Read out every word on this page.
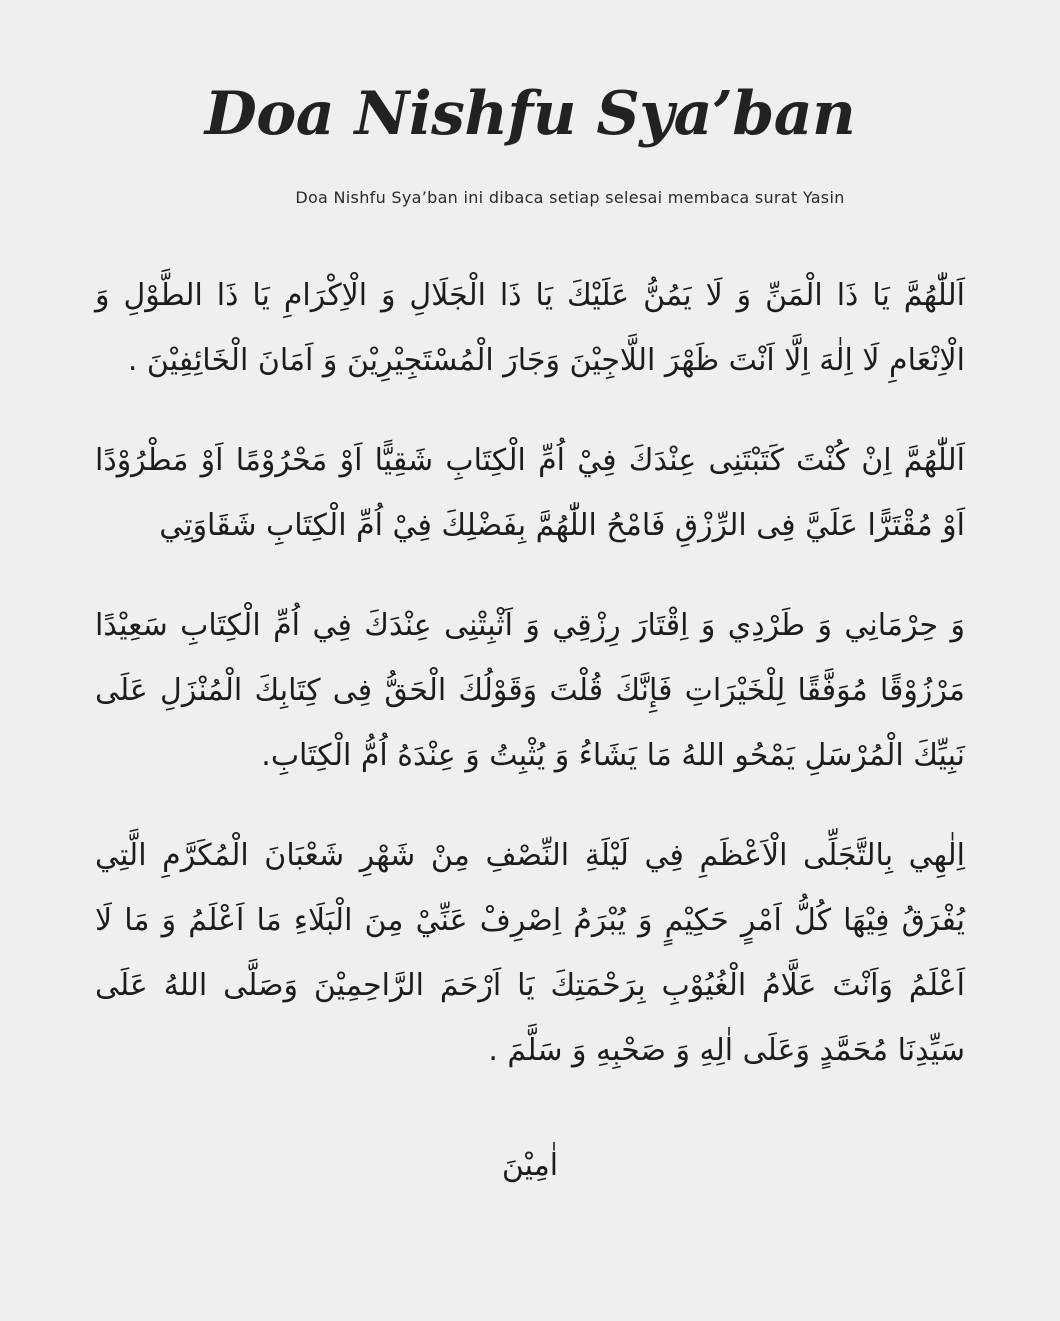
Doa Nishfu Sya’ban
Doa Nishfu Sya’ban ini dibaca setiap selesai membaca surat Yasin

اَللّٰهُمَّ يَا ذَا الْمَنِّ وَ لَا يَمُنُّ عَلَيْكَ يَا ذَا الْجَلَالِ وَ الْاِكْرَامِ يَا ذَا الطَّوْلِ وَ الْاِنْعَامِ لَا اِلٰهَ اِلَّا اَنْتَ ظَهْرَ اللَّاجِيْنَ وَجَارَ الْمُسْتَجِيْرِيْنَ وَ اَمَانَ الْخَائِفِيْنَ .

اَللّٰهُمَّ اِنْ كُنْتَ كَتَبْتَنِى عِنْدَكَ فِيْ اُمِّ الْكِتَابِ شَقِيًّا اَوْ مَحْرُوْمًا اَوْ مَطْرُوْدًا اَوْ مُقْتَرًّا عَلَيَّ فِى الرِّزْقِ فَامْحُ اللّٰهُمَّ بِفَضْلِكَ فِيْ اُمِّ الْكِتَابِ شَقَاوَتِي

وَ حِرْمَانِي وَ طَرْدِي وَ اِقْتَارَ رِزْقِي وَ اَثْبِتْنِى عِنْدَكَ فِي اُمِّ الْكِتَابِ سَعِيْدًا مَرْزُوْقًا مُوَفَّقًا لِلْخَيْرَاتِ فَإِنَّكَ قُلْتَ وَقَوْلُكَ الْحَقُّ فِى كِتَابِكَ الْمُنْزَلِ عَلَى نَبِيِّكَ الْمُرْسَلِ يَمْحُو اللهُ مَا يَشَاءُ وَ يُثْبِتُ وَ عِنْدَهُ اُمُّ الْكِتَابِ.

اِلٰهِي بِالتَّجَلِّى الْاَعْظَمِ فِي لَيْلَةِ النِّصْفِ مِنْ شَهْرِ شَعْبَانَ الْمُكَرَّمِ الَّتِي يُفْرَقُ فِيْهَا كُلُّ اَمْرٍ حَكِيْمٍ وَ يُبْرَمُ اِصْرِفْ عَنِّيْ مِنَ الْبَلَاءِ مَا اَعْلَمُ وَ مَا لَا اَعْلَمُ وَاَنْتَ عَلَّامُ الْغُيُوْبِ بِرَحْمَتِكَ يَا اَرْحَمَ الرَّاحِمِيْنَ وَصَلَّى اللهُ عَلَى سَيِّدِنَا مُحَمَّدٍ وَعَلَى اٰلِهِ وَ صَحْبِهِ وَ سَلَّمَ .

اٰمِيْنَ
